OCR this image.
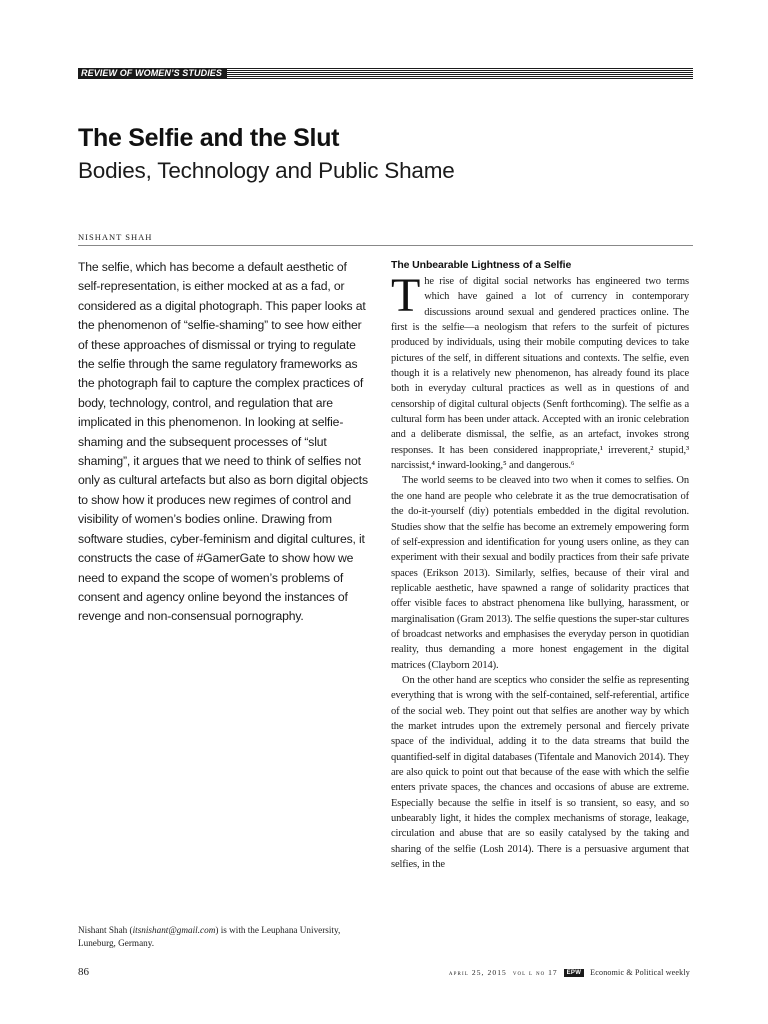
REVIEW OF WOMEN’S STUDIES
The Selfie and the Slut
Bodies, Technology and Public Shame
NISHANT SHAH

The selfie, which has become a default aesthetic of self-representation, is either mocked at as a fad, or considered as a digital photograph. This paper looks at the phenomenon of “selfie-shaming” to see how either of these approaches of dismissal or trying to regulate the selfie through the same regulatory frameworks as the photograph fail to capture the complex practices of body, technology, control, and regulation that are implicated in this phenomenon. In looking at selfie-shaming and the subsequent processes of “slut shaming”, it argues that we need to think of selfies not only as cultural artefacts but also as born digital objects to show how it produces new regimes of control and visibility of women’s bodies online. Drawing from software studies, cyber-feminism and digital cultures, it constructs the case of #GamerGate to show how we need to expand the scope of women’s problems of consent and agency online beyond the instances of revenge and non-consensual pornography.

The Unbearable Lightness of a Selfie

The rise of digital social networks has engineered two terms which have gained a lot of currency in contemporary discussions around sexual and gendered practices online. The first is the selfie—a neologism that refers to the surfeit of pictures produced by individuals, using their mobile computing devices to take pictures of the self, in different situations and contexts. The selfie, even though it is a relatively new phenomenon, has already found its place both in everyday cultural practices as well as in questions of and censorship of digital cultural objects (Senft forthcoming). The selfie as a cultural form has been under attack. Accepted with an ironic celebration and a deliberate dismissal, the selfie, as an artefact, invokes strong responses. It has been considered inappropriate,¹ irreverent,² stupid,³ narcissist,⁴ inward-looking,⁵ and dangerous.⁶

The world seems to be cleaved into two when it comes to selfies. On the one hand are people who celebrate it as the true democratisation of the do-it-yourself (diy) potentials embedded in the digital revolution. Studies show that the selfie has become an extremely empowering form of self-expression and identification for young users online, as they can experiment with their sexual and bodily practices from their safe private spaces (Erikson 2013). Similarly, selfies, because of their viral and replicable aesthetic, have spawned a range of solidarity practices that offer visible faces to abstract phenomena like bullying, harassment, or marginalisation (Gram 2013). The selfie questions the super-star cultures of broadcast networks and emphasises the everyday person in quotidian reality, thus demanding a more honest engagement in the digital matrices (Clayborn 2014).

On the other hand are sceptics who consider the selfie as representing everything that is wrong with the self-contained, self-referential, artifice of the social web. They point out that selfies are another way by which the market intrudes upon the extremely personal and fiercely private space of the individual, adding it to the data streams that build the quantified-self in digital databases (Tifentale and Manovich 2014). They are also quick to point out that because of the ease with which the selfie enters private spaces, the chances and occasions of abuse are extreme. Especially because the selfie in itself is so transient, so easy, and so unbearably light, it hides the complex mechanisms of storage, leakage, circulation and abuse that are so easily catalysed by the taking and sharing of the selfie (Losh 2014). There is a persuasive argument that selfies, in the

Nishant Shah (itsnishant@gmail.com) is with the Leuphana University, Luneburg, Germany.
86	april 25, 2015 vol l no 17	EPW	Economic & Political weekly
